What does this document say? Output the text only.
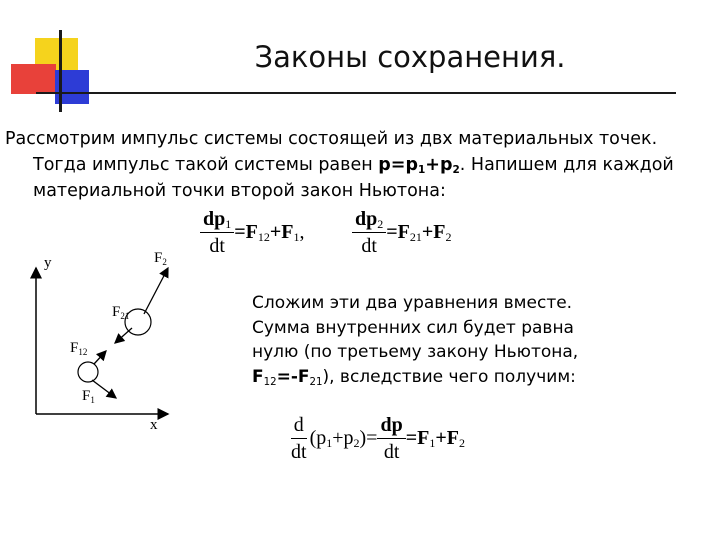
Законы сохранения.
Рассмотрим импульс системы состоящей из двх материальных точек.
Тогда импульс такой системы равен $p=p_1+p_2$. Напишем для каждой
материальной точки второй закон Ньютона:
$\frac{dp_1}{dt} =F_{12}+F_1$, $\frac{dp_2}{dt} =F_{21}+F_2$
y
x
$F_2$
$F_{21}$
$F_{12}$
$F_1$
Сложим эти два уравнения вместе.
Сумма внутренних сил будет равна
нулю (по третьему закону Ньютона,
$F_{12}=-F_{21}$), вследствие чего получим:
$\frac{d}{dt} (p_1+p_2)= \frac{dp}{dt} =F_1+F_2$
